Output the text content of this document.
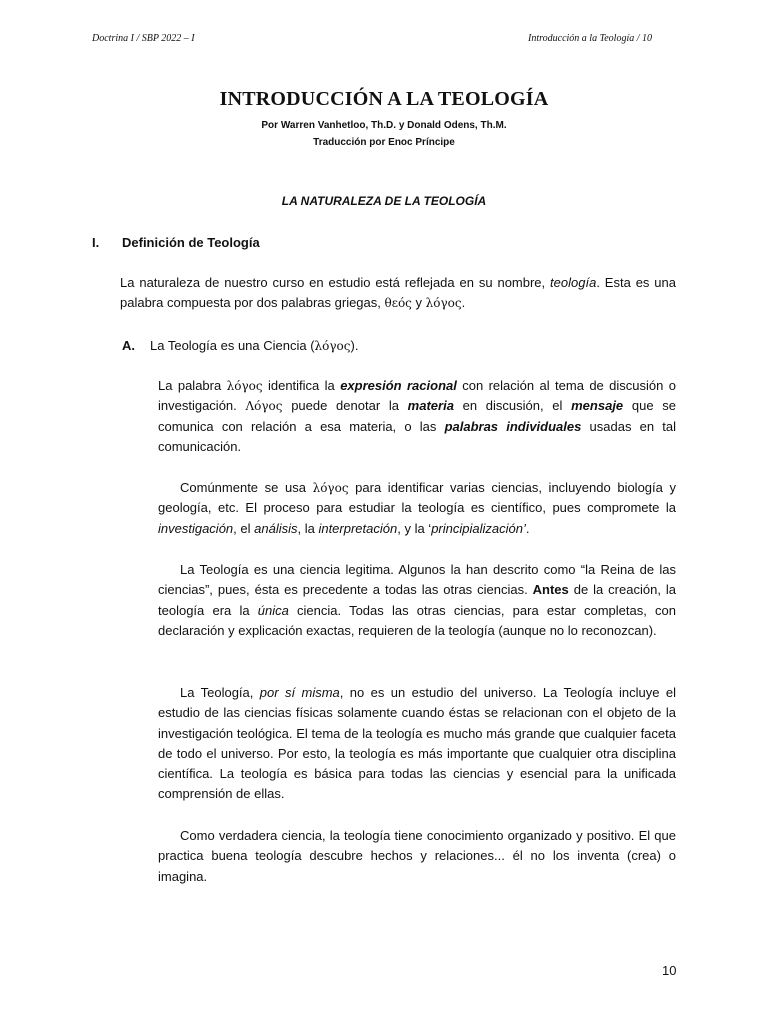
Doctrina I / SBP 2022 – I	Introducción a la Teología / 10
INTRODUCCIÓN A LA TEOLOGÍA
Por Warren Vanhetloo, Th.D. y Donald Odens, Th.M.
Traducción por Enoc Príncipe
LA NATURALEZA DE LA TEOLOGÍA
I. Definición de Teología

La naturaleza de nuestro curso en estudio está reflejada en su nombre, teología. Esta es una palabra compuesta por dos palabras griegas, θεός y λόγος.

A. La Teología es una Ciencia (λόγος).

La palabra λόγος identifica la expresión racional con relación al tema de discusión o investigación. Λόγος puede denotar la materia en discusión, el mensaje que se comunica con relación a esa materia, o las palabras individuales usadas en tal comunicación.

Comúnmente se usa λόγος para identificar varias ciencias, incluyendo biología y geología, etc. El proceso para estudiar la teología es científico, pues compromete la investigación, el análisis, la interpretación, y la ‘principialización’.

La Teología es una ciencia legitima. Algunos la han descrito como “la Reina de las ciencias”, pues, ésta es precedente a todas las otras ciencias. Antes de la creación, la teología era la única ciencia. Todas las otras ciencias, para estar completas, con declaración y explicación exactas, requieren de la teología (aunque no lo reconozcan).

La Teología, por sí misma, no es un estudio del universo. La Teología incluye el estudio de las ciencias físicas solamente cuando éstas se relacionan con el objeto de la investigación teológica. El tema de la teología es mucho más grande que cualquier faceta de todo el universo. Por esto, la teología es más importante que cualquier otra disciplina científica. La teología es básica para todas las ciencias y esencial para la unificada comprensión de ellas.

Como verdadera ciencia, la teología tiene conocimiento organizado y positivo. El que practica buena teología descubre hechos y relaciones... él no los inventa (crea) o imagina.

10
